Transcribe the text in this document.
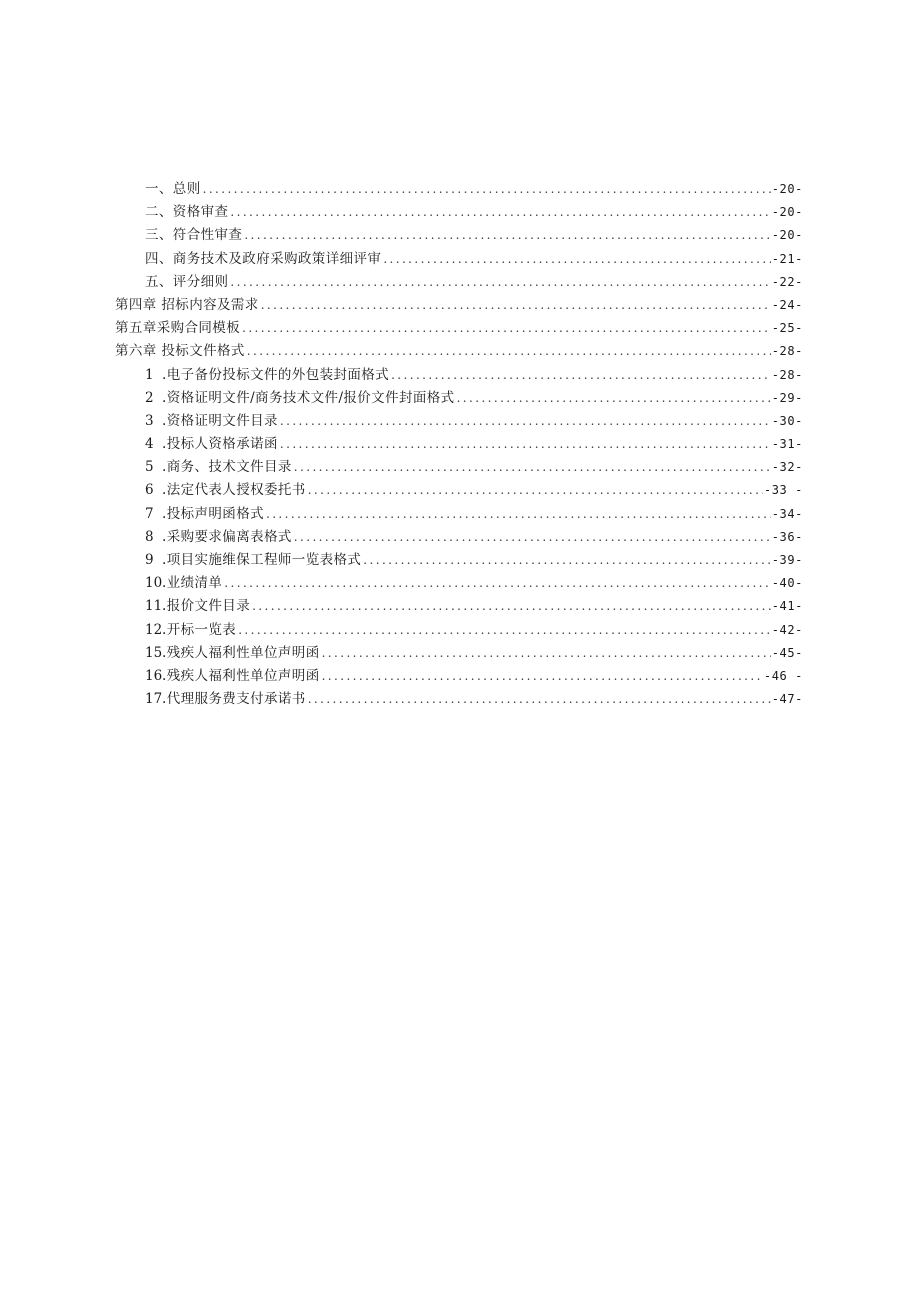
一、总则 .....	-20-
二、资格审查 .....	-20-
三、符合性审查 .....	-20-
四、商务技术及政府采购政策详细评审 .....	-21-
五、评分细则 .....	-22-
第四章 招标内容及需求 .....	-24-
第五章采购合同模板 .....	-25-
第六章 投标文件格式 .....	-28-
1 .电子备份投标文件的外包装封面格式 .....	-28-
2 .资格证明文件/商务技术文件/报价文件封面格式 .....	-29-
3 .资格证明文件目录 .....	-30-
4 .投标人资格承诺函 .....	-31-
5 .商务、技术文件目录 .....	-32-
6 .法定代表人授权委托书 .....	-33 -
7 .投标声明函格式 .....	-34-
8 .采购要求偏离表格式 .....	-36-
9 .项目实施维保工程师一览表格式 .....	-39-
10 .业绩清单 .....	-40-
11 .报价文件目录 .....	-41-
12 .开标一览表 .....	-42-
15 .残疾人福利性单位声明函 .....	-45-
16 .残疾人福利性单位声明函 .....	-46 -
17 .代理服务费支付承诺书 .....	-47-
